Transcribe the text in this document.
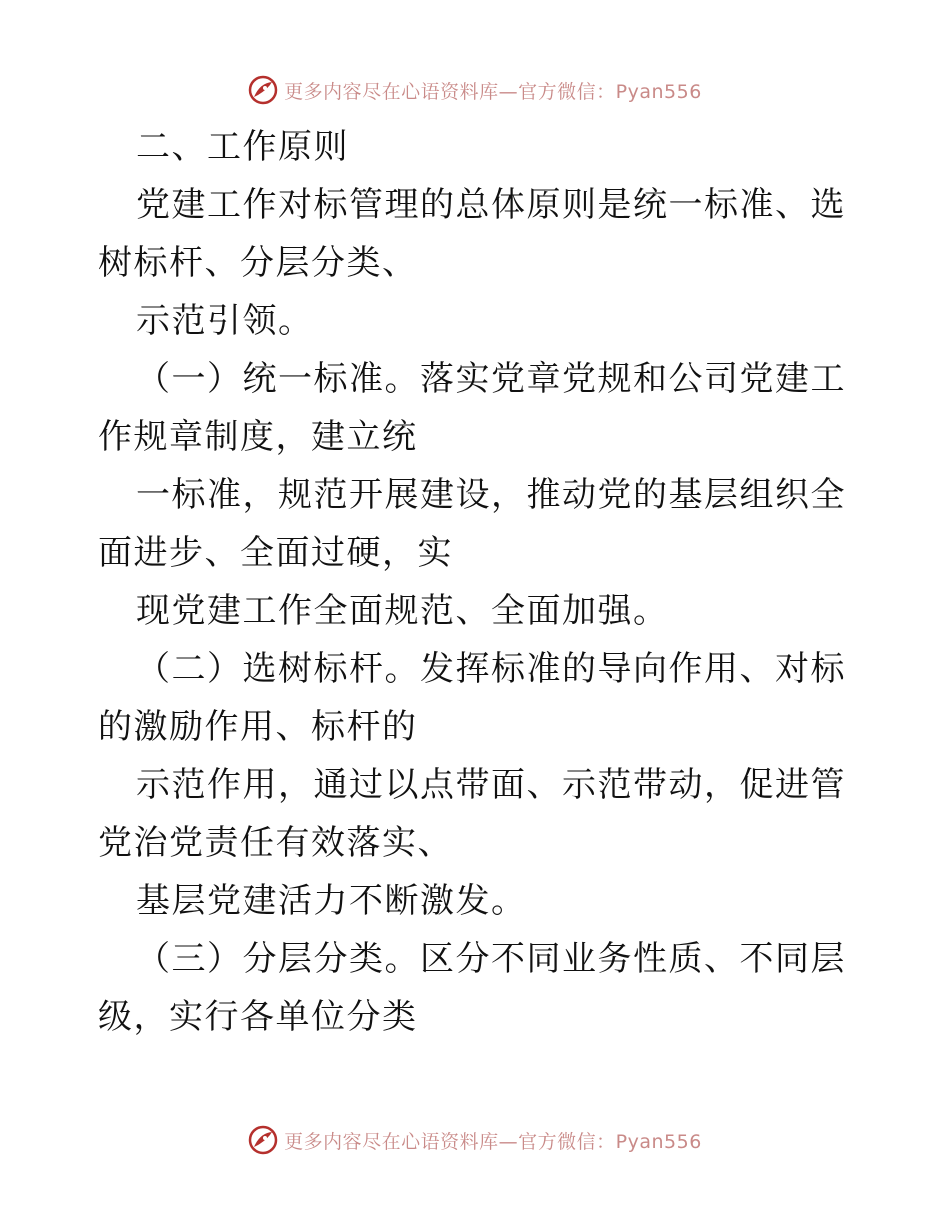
更多内容尽在心语资料库—官方微信：Pyan556

二、工作原则

党建工作对标管理的总体原则是统一标准、选树标杆、分层分类、

示范引领。

（一）统一标准。落实党章党规和公司党建工作规章制度，建立统

一标准，规范开展建设，推动党的基层组织全面进步、全面过硬，实

现党建工作全面规范、全面加强。

（二）选树标杆。发挥标准的导向作用、对标的激励作用、标杆的

示范作用，通过以点带面、示范带动，促进管党治党责任有效落实、

基层党建活力不断激发。

（三）分层分类。区分不同业务性质、不同层级，实行各单位分类

更多内容尽在心语资料库—官方微信：Pyan556
